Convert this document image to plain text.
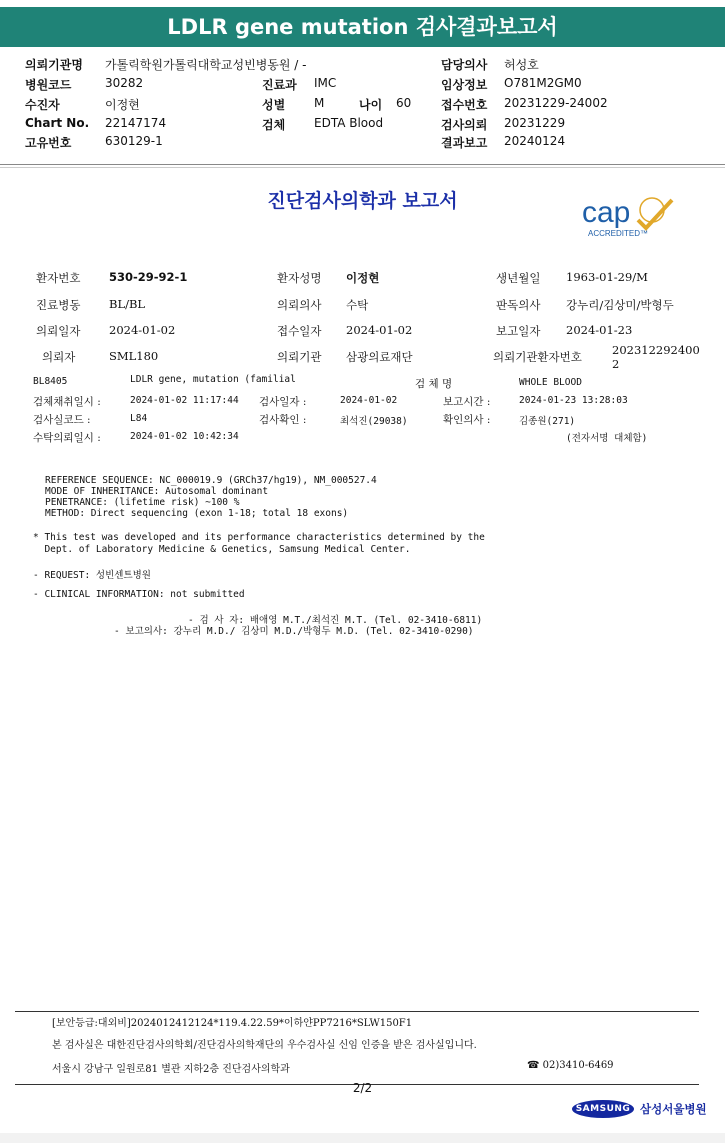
LDLR gene mutation 검사결과보고서
의뢰기관명 가톨릭학원가톨릭대학교성빈병동원 / -	담당의사 허성호
병원코드	30282	진료과 IMC	임상정보 O781M2GM0
수진자	이정현	성별 M	나이 60 접수번호 20231229-24002
Chart No. 22147174	검체 EDTA Blood	검사의뢰 20231229
고유번호	630129-1	결과보고 20240124
진단검사의학과 보고서	cap
ACCREDITED™
환자번호 530-29-92-1	환자성명 이정현	생년월일 1963-01-29/M
진료병동 BL/BL	의뢰의사 수탁	판독의사 강누리/김상미/박형두
의뢰일자 2024-01-02	접수일자 2024-01-02	보고일자 2024-01-23
의뢰자	SML180	의뢰기관 삼광의료재단	의뢰기관환자번호	202312292400
2
BL8405	LDLR gene, mutation (familial	검 체 명	WHOLE BLOOD
검체채취일시 :	2024-01-02 11:17:44 검사일자 :	2024-01-02	보고시간 :	2024-01-23 13:28:03
검사실코드 :	L84	검사확인 :	최석진(29038)	확인의사 :	김종원(271)
수탁의뢰일시 :	2024-01-02 10:42:34	(전자서명 대체함)
REFERENCE SEQUENCE: NC_000019.9 (GRCh37/hg19), NM_000527.4
MODE OF INHERITANCE: Autosomal dominant
PENETRANCE: (lifetime risk) ~100 %
METHOD: Direct sequencing (exon 1-18; total 18 exons)
* This test was developed and its performance characteristics determined by the
Dept. of Laboratory Medicine & Genetics, Samsung Medical Center.
- REQUEST: 성빈센트병원
- CLINICAL INFORMATION: not submitted
- 검 사 자: 배애영 M.T./최석진 M.T. (Tel. 02-3410-6811)
- 보고의사: 강누리 M.D./ 김상미 M.D./박형두 M.D. (Tel. 02-3410-0290)
[보안등급:대외비]2024012412124*119.4.22.59*이하얀PP7216*SLW150F1
본 검사실은 대한진단검사의학회/진단검사의학재단의 우수검사실 신임 인증을 받은 검사실입니다.
서울시 강남구 일원로81 별관 지하2층 진단검사의학과	☎ 02)3410-6469
2/2
SAMSUNG 삼성서울병원
